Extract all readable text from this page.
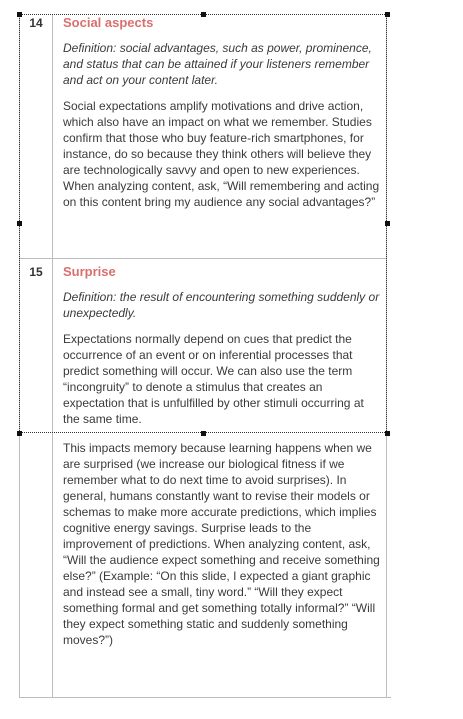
14	Social aspects

Definition: social advantages, such as power, prominence, and status that can be attained if your listeners remember and act on your content later.

Social expectations amplify motivations and drive action, which also have an impact on what we remember. Studies confirm that those who buy feature-rich smartphones, for instance, do so because they think others will believe they are technologically savvy and open to new experiences. When analyzing content, ask, “Will remembering and acting on this content bring my audience any social advantages?”

15	Surprise

Definition: the result of encountering something suddenly or unexpectedly.

Expectations normally depend on cues that predict the occurrence of an event or on inferential processes that predict something will occur. We can also use the term “incongruity” to denote a stimulus that creates an expectation that is unfulfilled by other stimuli occurring at the same time.

This impacts memory because learning happens when we are surprised (we increase our biological fitness if we remember what to do next time to avoid surprises). In general, humans constantly want to revise their models or schemas to make more accurate predictions, which implies cognitive energy savings. Surprise leads to the improvement of predictions. When analyzing content, ask, “Will the audience expect something and receive something else?” (Example: “On this slide, I expected a giant graphic and instead see a small, tiny word.” “Will they expect something formal and get something totally informal?” “Will they expect something static and suddenly something moves?”)
